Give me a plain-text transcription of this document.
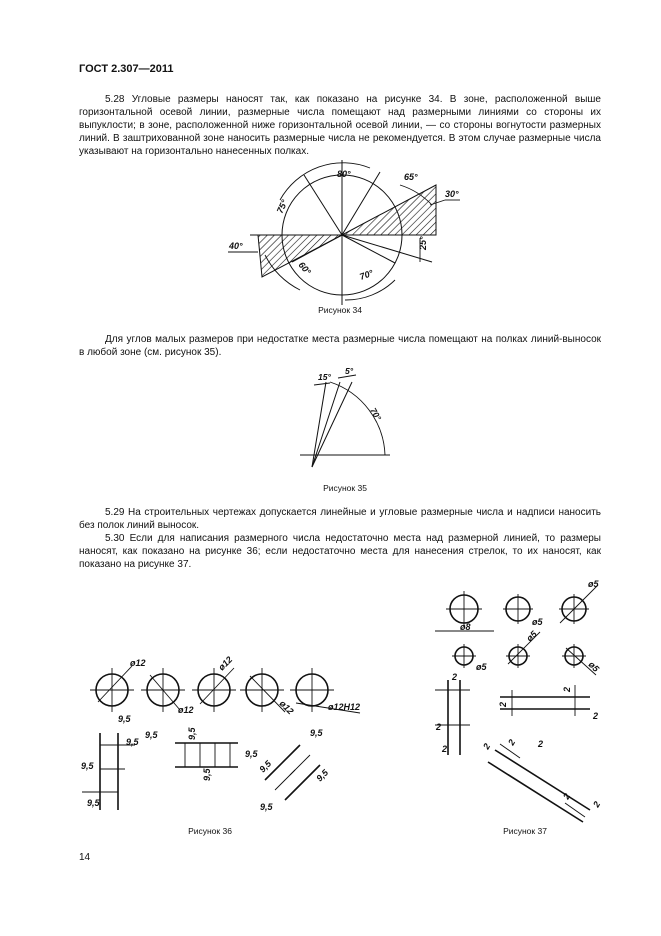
ГОСТ 2.307—2011
5.28 Угловые размеры наносят так, как показано на рисунке 34. В зоне, расположенной выше горизонтальной осевой линии, размерные числа помещают над размерными линиями со стороны их выпуклости; в зоне, расположенной ниже горизонтальной осевой линии, — со стороны вогнутости размерных линий. В заштрихованной зоне наносить размерные числа не рекомендуется. В этом случае размерные числа указывают на горизонтально нанесенных полках.
80°	65°
30°
75°
40°	25°
60°	70°
Рисунок 34
Для углов малых размеров при недостатке места размерные числа помещают на полках линий-выносок в любой зоне (см. рисунок 35).
15°
5°
70°
Рисунок 35
5.29 На строительных чертежах допускается линейные и угловые размерные числа и надписи наносить без полок линий выносок.
5.30 Если для написания размерного числа недостаточно места над размерной линией, то размеры наносят, как показано на рисунке 36; если недостаточно места для нанесения стрелок, то их наносят, как показано на рисунке 37.
ø12
ø12
ø12
ø12	ø12H12
9,5
9,5
9,5
9,5
9,5	9,5
9,5
9,5
9,5
9,5
9,5
9,5
Рисунок 36
ø5
ø5
ø5
ø5	ø5
ø8
2
2
2
2
2
2
2 2 2
2
2
Рисунок 37
14
